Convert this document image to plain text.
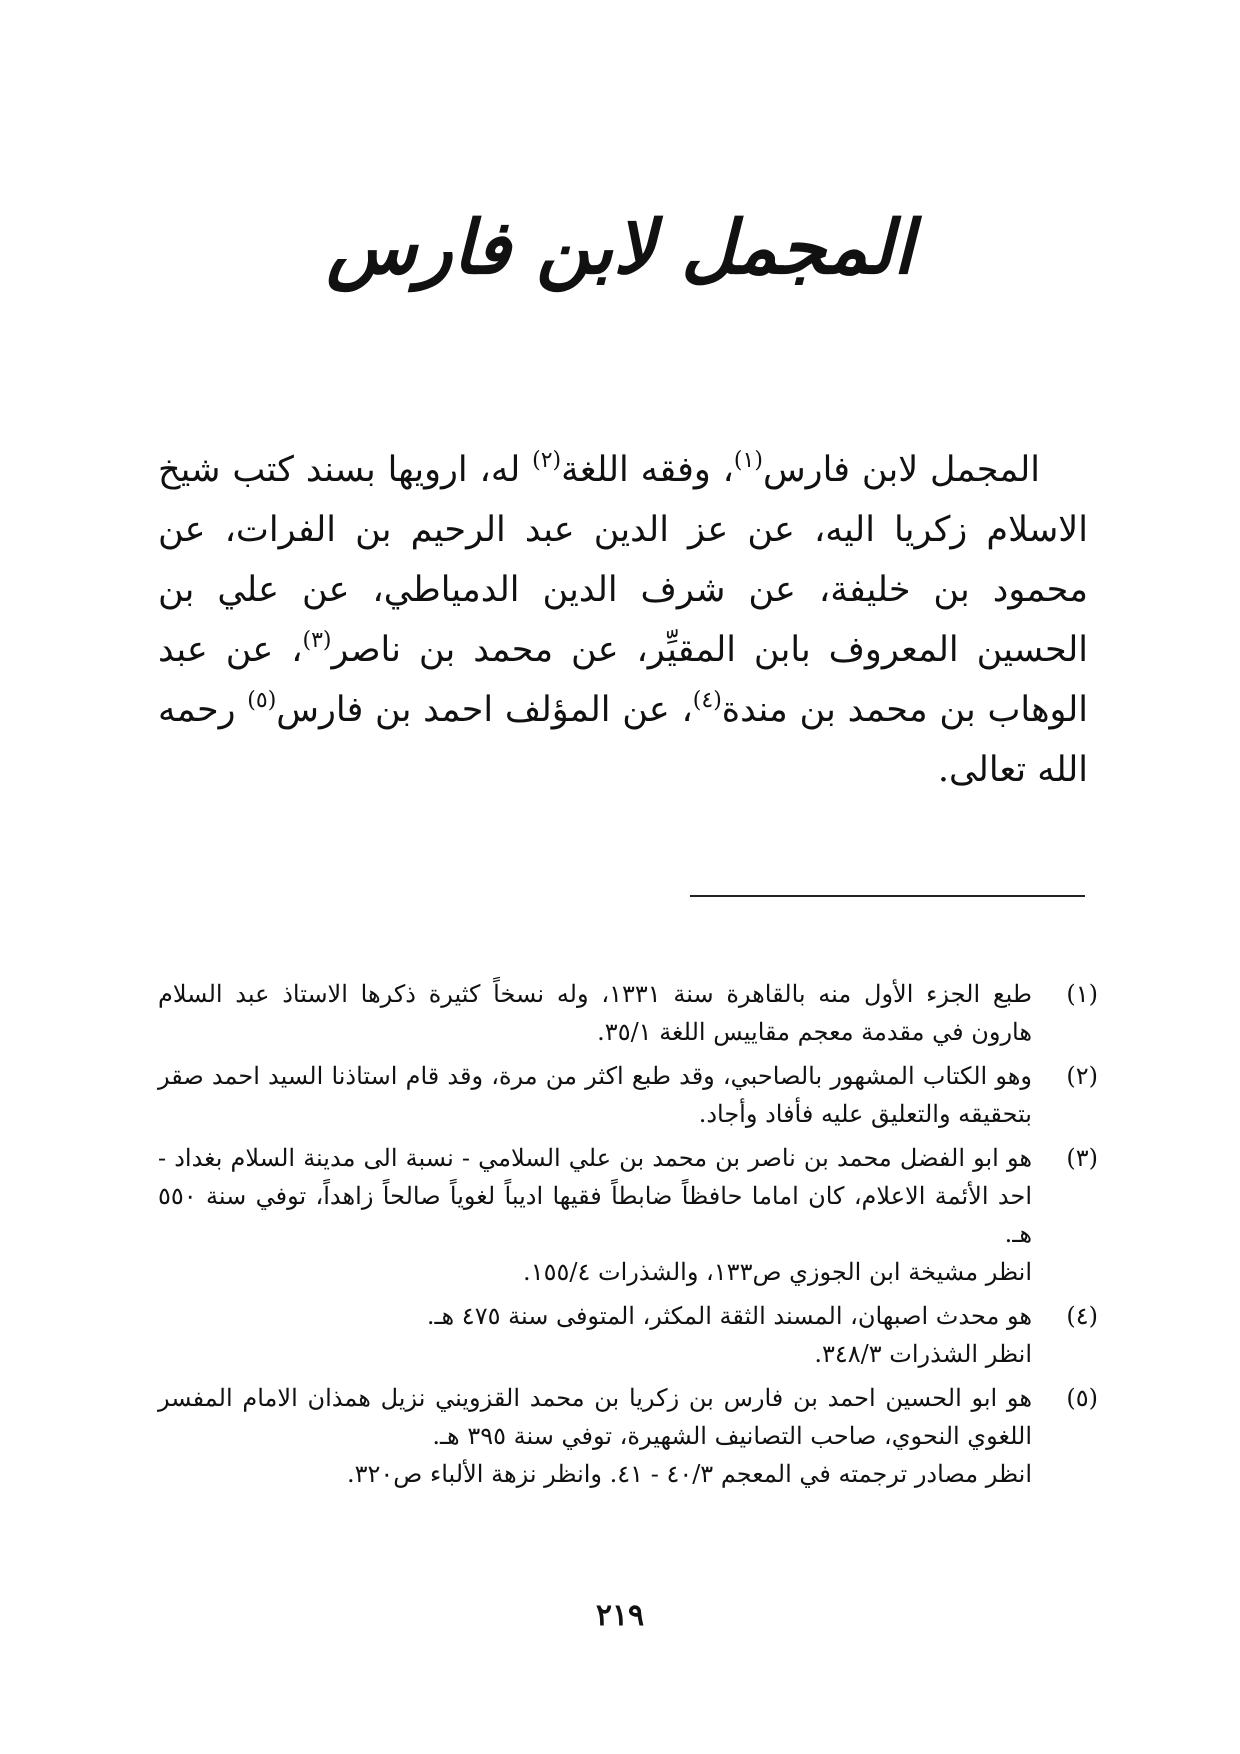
المجمل لابن فارس
المجمل لابن فارس$^{(١)}$، وفقه اللغة$^{(٢)}$ له، ارويها بسند كتب شيخ الاسلام زكريا اليه، عن عز الدين عبد الرحيم بن الفرات، عن محمود بن خليفة، عن شرف الدين الدمياطي، عن علي بن الحسين المعروف بابن المقيِّر، عن محمد بن ناصر$^{(٣)}$، عن عبد الوهاب بن محمد بن مندة$^{(٤)}$، عن المؤلف احمد بن فارس$^{(٥)}$ رحمه الله تعالى.
(١)
طبع الجزء الأول منه بالقاهرة سنة ١٣٣١، وله نسخاً كثيرة ذكرها الاستاذ عبد السلام هارون في مقدمة معجم مقاييس اللغة ٣٥/١.
(٢)
وهو الكتاب المشهور بالصاحبي، وقد طبع اكثر من مرة، وقد قام استاذنا السيد احمد صقر بتحقيقه والتعليق عليه فأفاد وأجاد.
(٣)
هو ابو الفضل محمد بن ناصر بن محمد بن علي السلامي - نسبة الى مدينة السلام بغداد - احد الأئمة الاعلام، كان اماما حافظاً ضابطاً فقيها اديباً لغوياً صالحاً زاهداً، توفي سنة ٥٥٠ هـ.
انظر مشيخة ابن الجوزي ص١٣٣، والشذرات ١٥٥/٤.
(٤)
هو محدث اصبهان، المسند الثقة المكثر، المتوفى سنة ٤٧٥ هـ.
انظر الشذرات ٣٤٨/٣.
(٥)
هو ابو الحسين احمد بن فارس بن زكريا بن محمد القزويني نزيل همذان الامام المفسر اللغوي النحوي، صاحب التصانيف الشهيرة، توفي سنة ٣٩٥ هـ.
انظر مصادر ترجمته في المعجم ٤٠/٣ - ٤١. وانظر نزهة الألباء ص٣٢٠.
٢١٩
